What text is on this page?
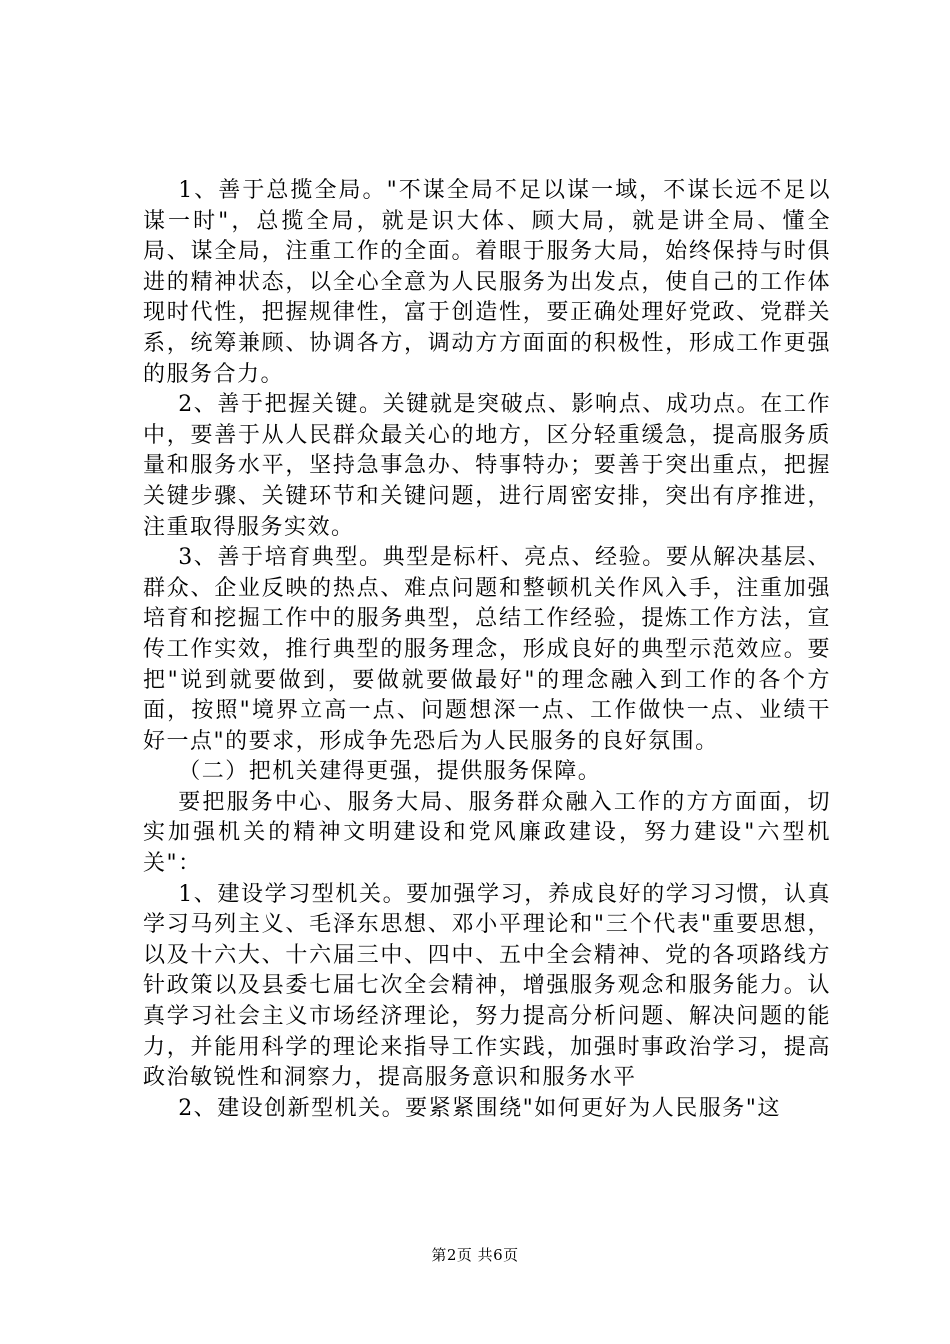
1、善于总揽全局。"不谋全局不足以谋一域，不谋长远不足以谋一时"，总揽全局，就是识大体、顾大局，就是讲全局、懂全局、谋全局，注重工作的全面。着眼于服务大局，始终保持与时俱进的精神状态，以全心全意为人民服务为出发点，使自己的工作体现时代性，把握规律性，富于创造性，要正确处理好党政、党群关系，统筹兼顾、协调各方，调动方方面面的积极性，形成工作更强的服务合力。

2、善于把握关键。关键就是突破点、影响点、成功点。在工作中，要善于从人民群众最关心的地方，区分轻重缓急，提高服务质量和服务水平，坚持急事急办、特事特办；要善于突出重点，把握关键步骤、关键环节和关键问题，进行周密安排，突出有序推进，注重取得服务实效。

3、善于培育典型。典型是标杆、亮点、经验。要从解决基层、群众、企业反映的热点、难点问题和整顿机关作风入手，注重加强培育和挖掘工作中的服务典型，总结工作经验，提炼工作方法，宣传工作实效，推行典型的服务理念，形成良好的典型示范效应。要把"说到就要做到，要做就要做最好"的理念融入到工作的各个方面，按照"境界立高一点、问题想深一点、工作做快一点、业绩干好一点"的要求，形成争先恐后为人民服务的良好氛围。

（二）把机关建得更强，提供服务保障。

要把服务中心、服务大局、服务群众融入工作的方方面面，切实加强机关的精神文明建设和党风廉政建设，努力建设"六型机关"：

1、建设学习型机关。要加强学习，养成良好的学习习惯，认真学习马列主义、毛泽东思想、邓小平理论和"三个代表"重要思想，以及十六大、十六届三中、四中、五中全会精神、党的各项路线方针政策以及县委七届七次全会精神，增强服务观念和服务能力。认真学习社会主义市场经济理论，努力提高分析问题、解决问题的能力，并能用科学的理论来指导工作实践，加强时事政治学习，提高政治敏锐性和洞察力，提高服务意识和服务水平

2、建设创新型机关。要紧紧围绕"如何更好为人民服务"这

第2页 共6页
